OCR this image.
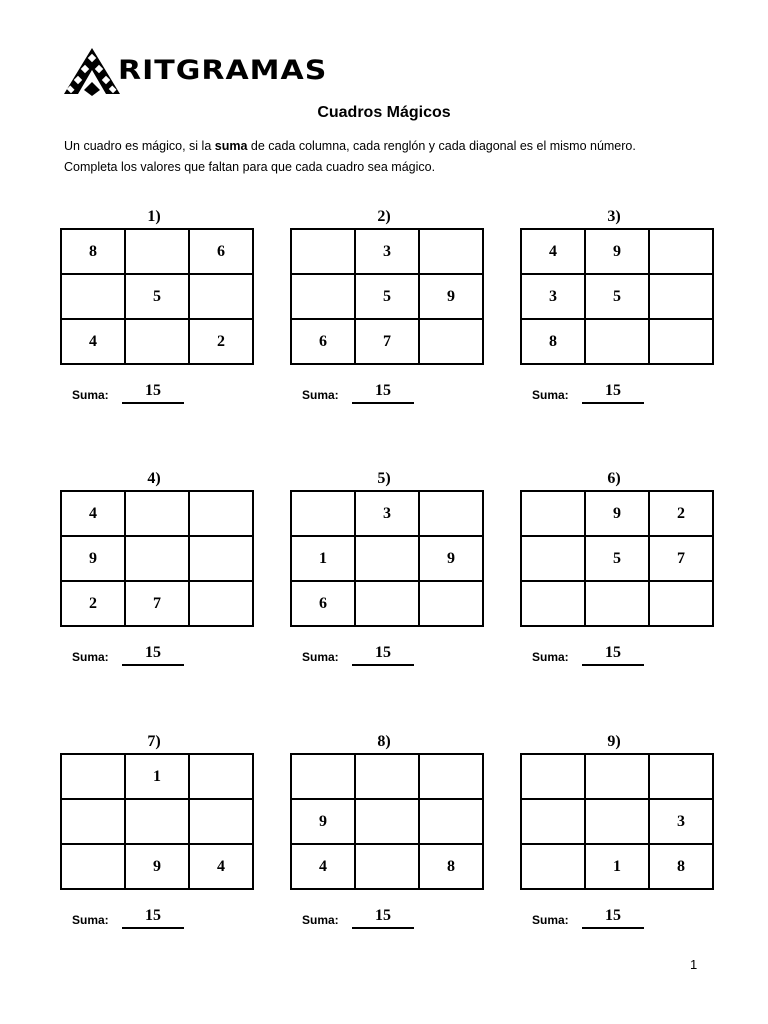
RITGRAMAS
Cuadros Mágicos

Un cuadro es mágico, si la suma de cada columna, cada renglón y cada diagonal es el mismo número.

Completa los valores que faltan para que cada cuadro sea mágico.

1)
8		6
	5	
4		2
Suma:	15
2)
	3	
	5	9
6	7	
Suma:	15
3)
4	9	
3	5	
8		
Suma:	15
4)
4		
9		
2	7	
Suma:	15
5)
	3	
1		9
6		
Suma:	15
6)
	9	2
	5	7

Suma:	15
7)
	1	

	9	4
Suma:	15
8)

9		
4		8
Suma:	15
9)

		3
	1	8
Suma:	15
1
